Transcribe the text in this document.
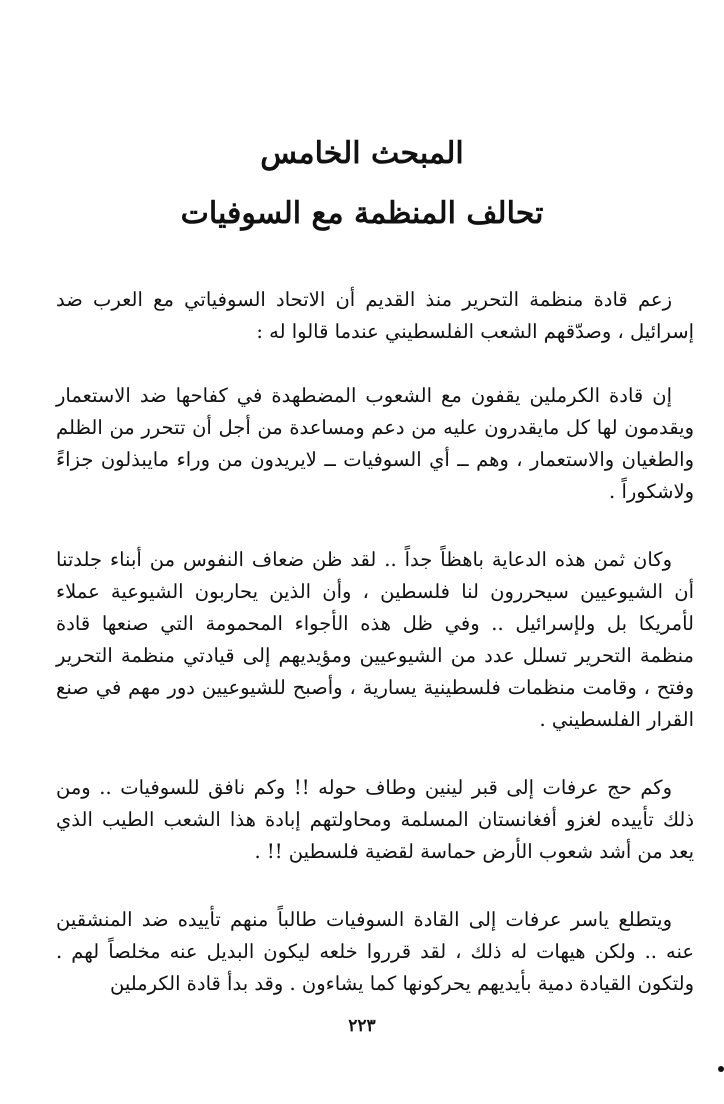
المبحث الخامس
تحالف المنظمة مع السوفيات

زعم قادة منظمة التحرير منذ القديم أن الاتحاد السوفياتي مع العرب ضد إسرائيل ، وصدّقهم الشعب الفلسطيني عندما قالوا له :

إن قادة الكرملين يقفون مع الشعوب المضطهدة في كفاحها ضد الاستعمار ويقدمون لها كل مايقدرون عليه من دعم ومساعدة من أجل أن تتحرر من الظلم والطغيان والاستعمار ، وهم ــ أي السوفيات ــ لايريدون من وراء مايبذلون جزاءً ولاشكوراً .

وكان ثمن هذه الدعاية باهظاً جداً .. لقد ظن ضعاف النفوس من أبناء جلدتنا أن الشيوعيين سيحررون لنا فلسطين ، وأن الذين يحاربون الشيوعية عملاء لأمريكا بل ولإسرائيل .. وفي ظل هذه الأجواء المحمومة التي صنعها قادة منظمة التحرير تسلل عدد من الشيوعيين ومؤيديهم إلى قيادتي منظمة التحرير وفتح ، وقامت منظمات فلسطينية يسارية ، وأصبح للشيوعيين دور مهم في صنع القرار الفلسطيني .

وكم حج عرفات إلى قبر لينين وطاف حوله !! وكم نافق للسوفيات .. ومن ذلك تأييده لغزو أفغانستان المسلمة ومحاولتهم إبادة هذا الشعب الطيب الذي يعد من أشد شعوب الأرض حماسة لقضية فلسطين !! .

ويتطلع ياسر عرفات إلى القادة السوفيات طالباً منهم تأييده ضد المنشقين عنه .. ولكن هيهات له ذلك ، لقد قرروا خلعه ليكون البديل عنه مخلصاً لهم . ولتكون القيادة دمية بأيديهم يحركونها كما يشاءون . وقد بدأ قادة الكرملين

٢٢٣
